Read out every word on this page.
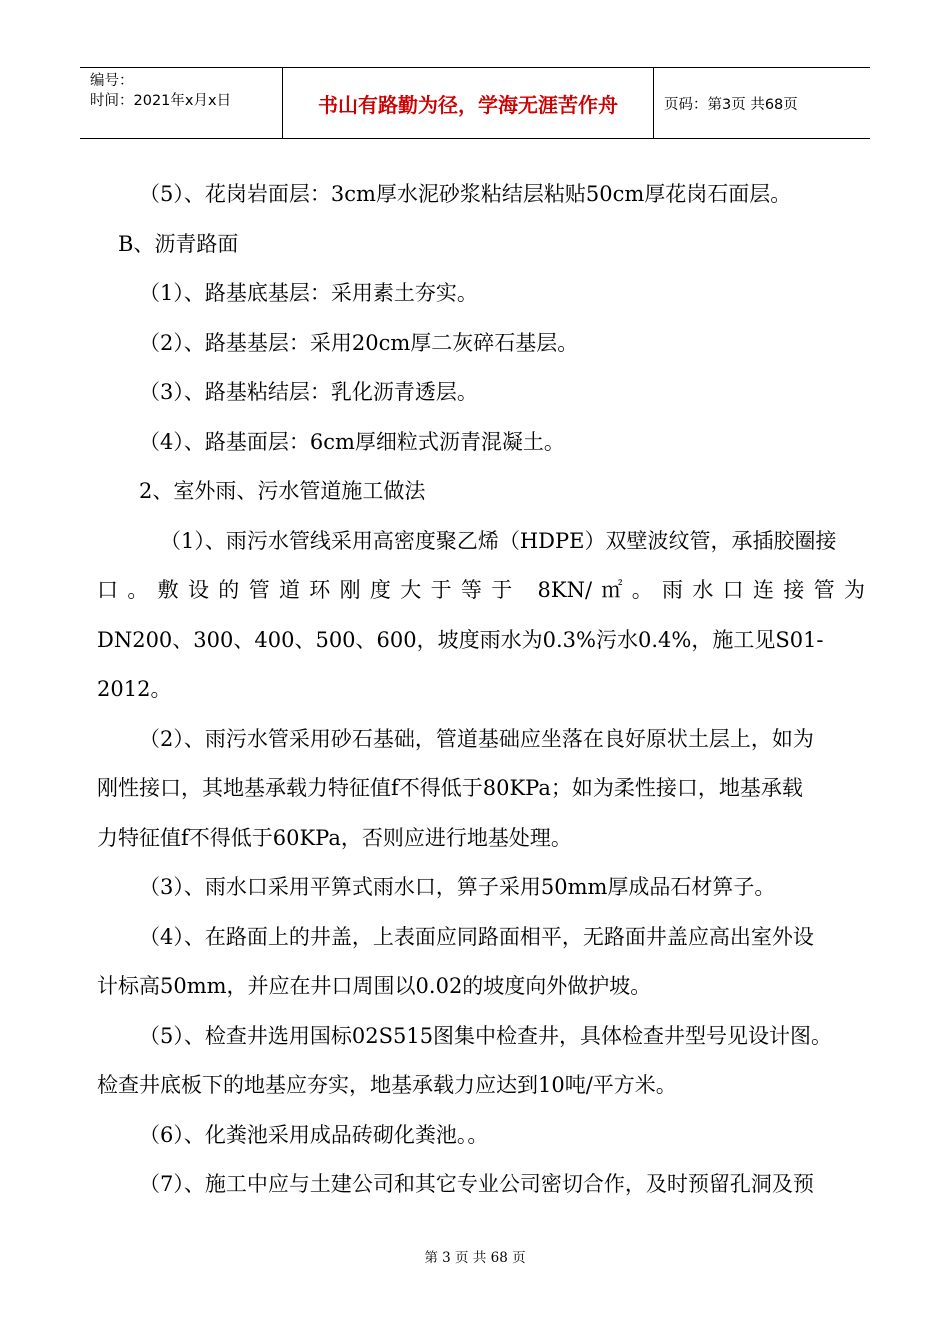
编号：
时间：2021年x月x日	书山有路勤为径，学海无涯苦作舟	页码：第3页 共68页

（5）、花岗岩面层：3cm厚水泥砂浆粘结层粘贴50cm厚花岗石面层。

B、沥青路面

（1）、路基底基层：采用素土夯实。

（2）、路基基层：采用20cm厚二灰碎石基层。

（3）、路基粘结层：乳化沥青透层。

（4）、路基面层：6cm厚细粒式沥青混凝土。

2、室外雨、污水管道施工做法

（1）、雨污水管线采用高密度聚乙烯（HDPE）双壁波纹管，承插胶圈接

口。敷设的管道环刚度大于等于 8KN/㎡。雨水口连接管为

DN200、300、400、500、600，坡度雨水为0.3%污水0.4%，施工见S01-

2012。

（2）、雨污水管采用砂石基础，管道基础应坐落在良好原状土层上，如为

刚性接口，其地基承载力特征值f不得低于80KPa；如为柔性接口，地基承载

力特征值f不得低于60KPa，否则应进行地基处理。

（3）、雨水口采用平箅式雨水口，箅子采用50mm厚成品石材箅子。

（4）、在路面上的井盖，上表面应同路面相平，无路面井盖应高出室外设

计标高50mm，并应在井口周围以0.02的坡度向外做护坡。

（5）、检查井选用国标02S515图集中检查井，具体检查井型号见设计图。

检查井底板下的地基应夯实，地基承载力应达到10吨/平方米。

（6）、化粪池采用成品砖砌化粪池。。

（7）、施工中应与土建公司和其它专业公司密切合作，及时预留孔洞及预

第 3 页 共 68 页
